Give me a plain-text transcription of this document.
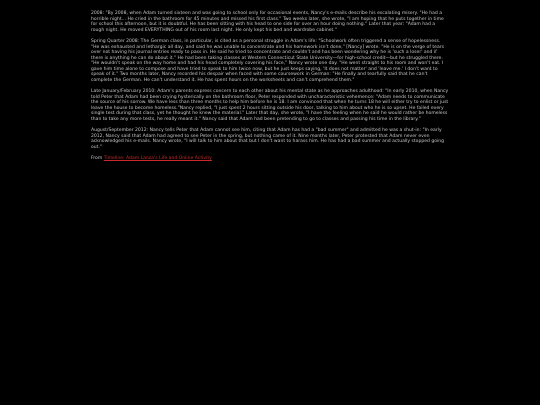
2008: "By 2008, when Adam turned sixteen and was going to school only for occasional events, Nancy's e-mails describe his escalating misery. "He had a horrible night... He cried in the bathroom for 45 minutes and missed his first class." Two weeks later, she wrote, "I am hoping that he puts together in time for school this afternoon, but it is doubtful. He has been sitting with his head to one side for over an hour doing nothing." Later that year: "Adam had a rough night. He moved EVERYTHING out of his room last night. He only kept his bed and wardrobe cabinet."

Spring Quarter 2008: The German class, in particular, is cited as a personal struggle in Adam's life: "Schoolwork often triggered a sense of hopelessness. "He was exhausted and lethargic all day, and said he was unable to concentrate and his homework isn't done," [Nancy] wrote. "He is on the verge of tears over not having his journal entries ready to pass in. He said he tried to concentrate and couldn't and has been wondering why he is 'such a loser' and if there is anything he can do about it." He had been taking classes at Western Connecticut State University—for high-school credit—but he struggled there. "He wouldn't speak on the way home and had his head completely covering his face," Nancy wrote one day. "He went straight to his room and won't eat. I gave him time alone to compose and have tried to speak to him twice now, but he just keeps saying, 'It does not matter' and 'leave me.' I don't want to speak of it." Two months later, Nancy recorded his despair when faced with some coursework in German: "He finally and tearfully said that he can't complete the German. He can't understand it. He has spent hours on the worksheets and can't comprehend them."

Late January/February 2010: Adam's parents express concern to each other about his mental state as he approaches adulthood: "In early 2010, when Nancy told Peter that Adam had been crying hysterically on the bathroom floor, Peter responded with uncharacteristic vehemence: "Adam needs to communicate the source of his sorrow. We have less than three months to help him before he is 18. I am convinced that when he turns 18 he will either try to enlist or just leave the house to become homeless."Nancy replied, "I just spent 2 hours sitting outside his door, talking to him about who he is so upset. He failed every single test during that class, yet he thought he knew the material." Later that day, she wrote, "I have the feeling when he said he would rather be homeless than to take any more tests, he really meant it." Nancy said that Adam had been pretending to go to classes and passing his time in the library."

August/September 2012: Nancy tells Peter that Adam cannot see him, citing that Adam has had a "bad summer" and admitted he was a shut-in: "In early 2012, Nancy said that Adam had agreed to see Peter in the spring, but nothing came of it. Nine months later, Peter protested that Adam never even acknowledged his e-mails. Nancy wrote, "I will talk to him about that but I don't want to harass him. He has had a bad summer and actually stopped going out."

From Timeline: Adam Lanza's Life and Online Activity
